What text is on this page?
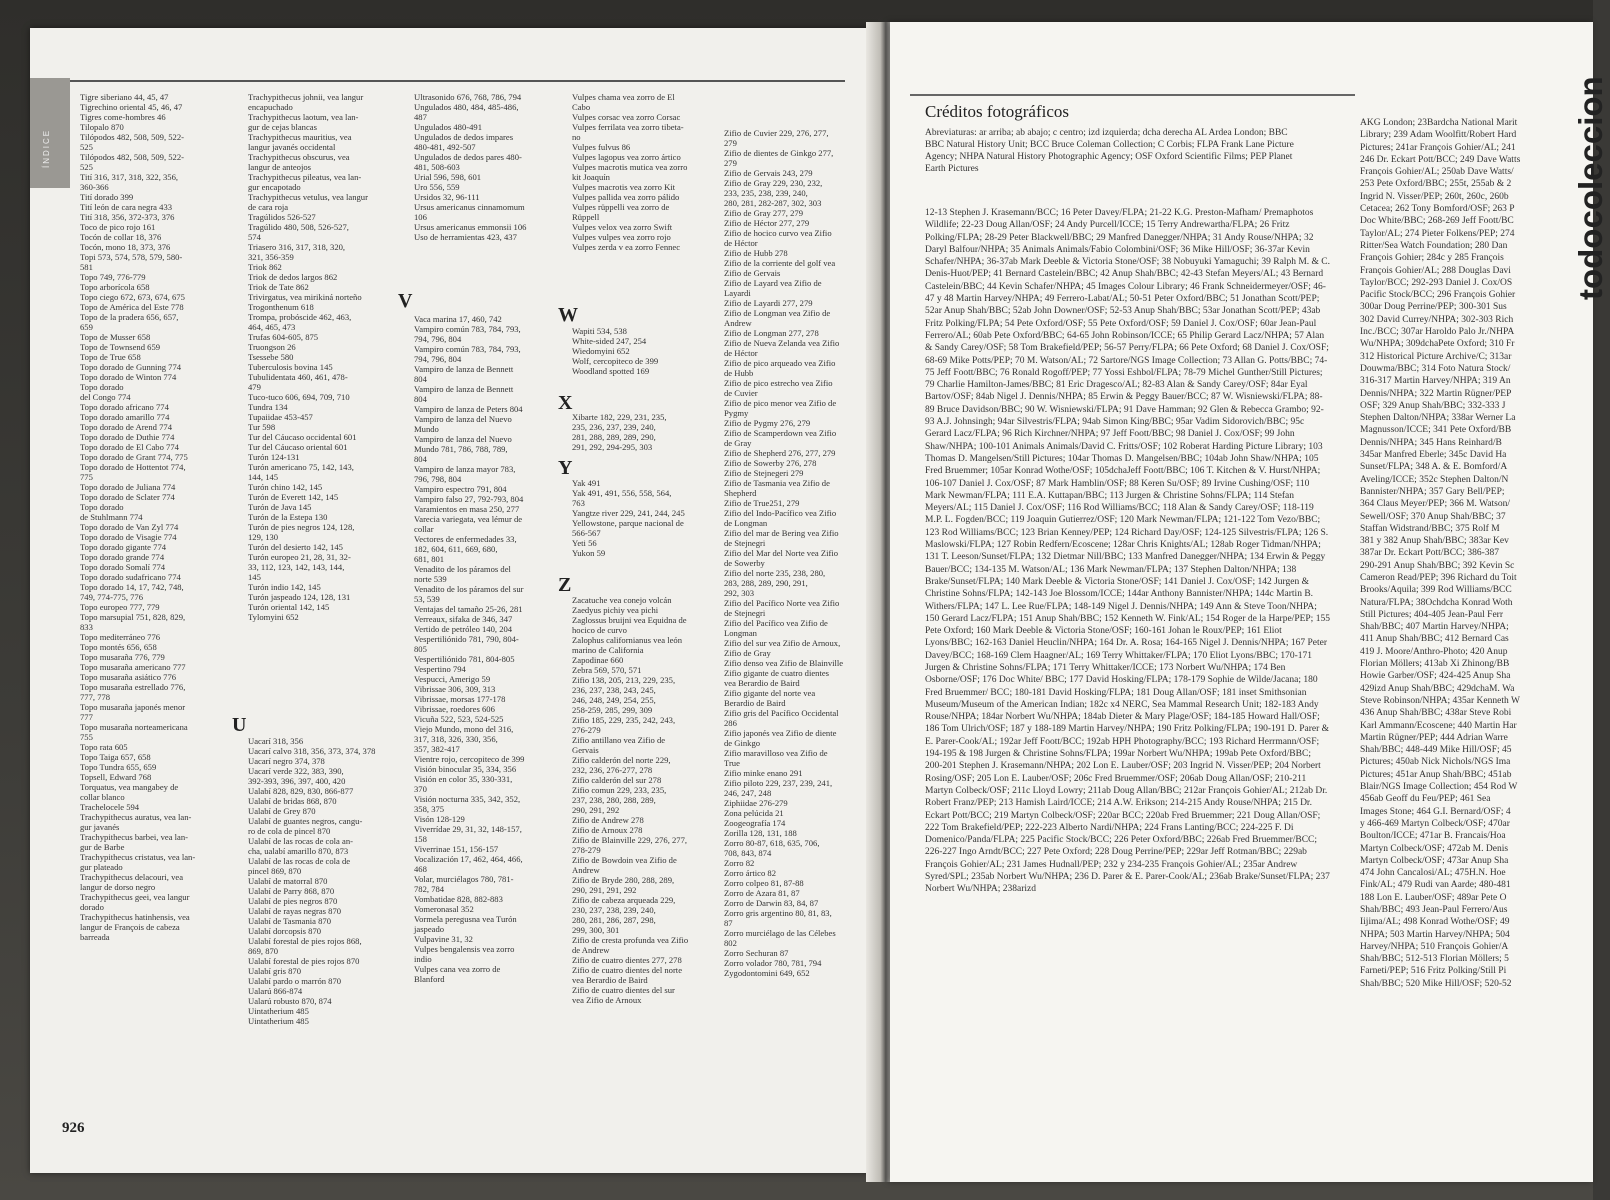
ÍNDICE
Tigre siberiano 44, 45, 47
Tigrechino oriental 45, 46, 47
Tigres come-hombres 46
Tilopalo 870
Tilópodos 482, 508, 509, 522-
525
Tilópodos 482, 508, 509, 522-
525
Tití 316, 317, 318, 322, 356,
360-366
Tití dorado 399
Tití león de cara negra 433
Tití 318, 356, 372-373, 376
Toco de pico rojo 161
Tocón de collar 18, 376
Tocón, mono 18, 373, 376
Topi 573, 574, 578, 579, 580-
581
Topo 749, 776-779
Topo arborícola 658
Topo ciego 672, 673, 674, 675
Topo de América del Este 778
Topo de la pradera 656, 657,
659
Topo de Musser 658
Topo de Townsend 659
Topo de True 658
Topo dorado de Gunning 774
Topo dorado de Winton 774
Topo dorado
del Congo 774
Topo dorado africano 774
Topo dorado amarillo 774
Topo dorado de Arend 774
Topo dorado de Duthie 774
Topo dorado de El Cabo 774
Topo dorado de Grant 774, 775
Topo dorado de Hottentot 774,
775
Topo dorado de Juliana 774
Topo dorado de Sclater 774
Topo dorado
de Stuhlmann 774
Topo dorado de Van Zyl 774
Topo dorado de Visagie 774
Topo dorado gigante 774
Topo dorado grande 774
Topo dorado Somalí 774
Topo dorado sudafricano 774
Topo dorado 14, 17, 742, 748,
749, 774-775, 776
Topo europeo 777, 779
Topo marsupial 751, 828, 829,
833
Topo mediterráneo 776
Topo montés 656, 658
Topo musaraña 776, 779
Topo musaraña americano 777
Topo musaraña asiático 776
Topo musaraña estrellado 776,
777, 778
Topo musaraña japonés menor
777
Topo musaraña norteamericana
755
Topo rata 605
Topo Taiga 657, 658
Topo Tundra 655, 659
Topsell, Edward 768
Torquatus, vea mangabey de
collar blanco
Trachelocele 594
Trachypithecus auratus, vea lan-
gur javanés
Trachypithecus barbei, vea lan-
gur de Barbe
Trachypithecus cristatus, vea lan-
gur plateado
Trachypithecus delacouri, vea
langur de dorso negro
Trachypithecus geei, vea langur
dorado
Trachypithecus hatinhensis, vea
langur de François de cabeza
barreada
Trachypithecus johnii, vea langur
encapuchado
Trachypithecus laotum, vea lan-
gur de cejas blancas
Trachypithecus mauritius, vea
langur javanés occidental
Trachypithecus obscurus, vea
langur de anteojos
Trachypithecus pileatus, vea lan-
gur encapotado
Trachypithecus vetulus, vea langur
de cara roja
Tragúlidos 526-527
Tragúlido 480, 508, 526-527,
574
Triasero 316, 317, 318, 320,
321, 356-359
Triok 862
Triok de dedos largos 862
Triok de Tate 862
Trivirgatus, vea mirikiná norteño
Trogonthenum 618
Trompa, probóscide 462, 463,
464, 465, 473
Trufas 604-605, 875
Truongson 26
Tsessebe 580
Tuberculosis bovina 145
Tubulidentata 460, 461, 478-
479
Tuco-tuco 606, 694, 709, 710
Tundra 134
Tupaiidae 453-457
Tur 598
Tur del Cáucaso occidental 601
Tur del Cáucaso oriental 601
Turón 124-131
Turón americano 75, 142, 143,
144, 145
Turón chino 142, 145
Turón de Everett 142, 145
Turón de Java 145
Turón de la Estepa 130
Turón de pies negros 124, 128,
129, 130
Turón del desierto 142, 145
Turón europeo 21, 28, 31, 32-
33, 112, 123, 142, 143, 144,
145
Turón indio 142, 145
Turón jaspeado 124, 128, 131
Turón oriental 142, 145
Tylomyini 652
U
Uacarí 318, 356
Uacarí calvo 318, 356, 373, 374, 378
Uacarí negro 374, 378
Uacarí verde 322, 383, 390,
392-393, 396, 397, 400, 420
Ualabí 828, 829, 830, 866-877
Ualabí de bridas 868, 870
Ualabí de Grey 870
Ualabí de guantes negros, cangu-
ro de cola de pincel 870
Ualabí de las rocas de cola an-
cha, ualabí amarillo 870, 873
Ualabí de las rocas de cola de
pincel 869, 870
Ualabí de matorral 870
Ualabí de Parry 868, 870
Ualabí de pies negros 870
Ualabí de rayas negras 870
Ualabí de Tasmania 870
Ualabí dorcopsis 870
Ualabí forestal de pies rojos 868,
869, 870
Ualabí forestal de pies rojos 870
Ualabí gris 870
Ualabí pardo o marrón 870
Ualarú 866-874
Ualarú robusto 870, 874
Uintatherium 485
Uintatherium 485
Ultrasonido 676, 768, 786, 794
Ungulados 480, 484, 485-486,
487
Ungulados 480-491
Ungulados de dedos impares
480-481, 492-507
Ungulados de dedos pares 480-
481, 508-603
Urial 596, 598, 601
Uro 556, 559
Ursidos 32, 96-111
Ursus americanus cinnamomum
106
Ursus americanus emmonsii 106
Uso de herramientas 423, 437
V
Vaca marina 17, 460, 742
Vampiro común 783, 784, 793,
794, 796, 804
Vampiro común 783, 784, 793,
794, 796, 804
Vampiro de lanza de Bennett
804
Vampiro de lanza de Bennett
804
Vampiro de lanza de Peters 804
Vampiro de lanza del Nuevo
Mundo
Vampiro de lanza del Nuevo
Mundo 781, 786, 788, 789,
804
Vampiro de lanza mayor 783,
796, 798, 804
Vampiro espectro 791, 804
Vampiro falso 27, 792-793, 804
Varamientos en masa 250, 277
Varecia variegata, vea lémur de
collar
Vectores de enfermedades 33,
182, 604, 611, 669, 680,
681, 801
Venadito de los páramos del
norte 539
Venadito de los páramos del sur
53, 539
Ventajas del tamaño 25-26, 281
Verreaux, sifaka de 346, 347
Vertido de petróleo 140, 204
Vespertiliónido 781, 790, 804-
805
Vespertiliónido 781, 804-805
Vespertino 794
Vespucci, Amerigo 59
Vibrissae 306, 309, 313
Vibrissae, morsas 177-178
Vibrissae, roedores 606
Vicuña 522, 523, 524-525
Viejo Mundo, mono del 316,
317, 318, 326, 330, 356,
357, 382-417
Vientre rojo, cercopiteco de 399
Visión binocular 35, 334, 356
Visión en color 35, 330-331,
370
Visión nocturna 335, 342, 352,
358, 375
Visón 128-129
Viverrídae 29, 31, 32, 148-157,
158
Viverrinae 151, 156-157
Vocalización 17, 462, 464, 466,
468
Volar, murciélagos 780, 781-
782, 784
Vombatidae 828, 882-883
Vomeronasal 352
Vormela peregusna vea Turón
jaspeado
Vulpavine 31, 32
Vulpes bengalensis vea zorro
indio
Vulpes cana vea zorro de
Blanford
Vulpes chama vea zorro de El
Cabo
Vulpes corsac vea zorro Corsac
Vulpes ferrilata vea zorro tibeta-
no
Vulpes fulvus 86
Vulpes lagopus vea zorro ártico
Vulpes macrotis mutica vea zorro
kit Joaquín
Vulpes macrotis vea zorro Kit
Vulpes pallida vea zorro pálido
Vulpes rüppelli vea zorro de
Rüppell
Vulpes velox vea zorro Swift
Vulpes vulpes vea zorro rojo
Vulpes zerda v ea zorro Fennec
W
Wapiti 534, 538
White-sided 247, 254
Wiedomyini 652
Wolf, cercopiteco de 399
Woodland spotted 169
X
Xibarte 182, 229, 231, 235,
235, 236, 237, 239, 240,
281, 288, 289, 289, 290,
291, 292, 294-295, 303
Y
Yak 491
Yak 491, 491, 556, 558, 564,
763
Yangtze river 229, 241, 244, 245
Yellowstone, parque nacional de
566-567
Yeti 56
Yukon 59
Z
Zacatuche vea conejo volcán
Zaedyus pichiy vea pichi
Zaglossus bruijni vea Equidna de
hocico de curvo
Zalophus californianus vea león
marino de California
Zapodinae 660
Zebra 569, 570, 571
Zifio 138, 205, 213, 229, 235,
236, 237, 238, 243, 245,
246, 248, 249, 254, 255,
258-259, 285, 299, 309
Zifio 185, 229, 235, 242, 243,
276-279
Zifio antillano vea Zifio de
Gervais
Zifio calderón del norte 229,
232, 236, 276-277, 278
Zifio calderón del sur 278
Zifio comun 229, 233, 235,
237, 238, 280, 288, 289,
290, 291, 292
Zifio de Andrew 278
Zifio de Arnoux 278
Zifio de Blainville 229, 276, 277,
278-279
Zifio de Bowdoin vea Zifio de
Andrew
Zifio de Bryde 280, 288, 289,
290, 291, 291, 292
Zifio de cabeza arqueada 229,
230, 237, 238, 239, 240,
280, 281, 286, 287, 298,
299, 300, 301
Zifio de cresta profunda vea Zifio
de Andrew
Zifio de cuatro dientes 277, 278
Zifio de cuatro dientes del norte
vea Berardio de Baird
Zifio de cuatro dientes del sur
vea Zifio de Arnoux
Zifio de Cuvier 229, 276, 277,
279
Zifio de dientes de Ginkgo 277,
279
Zifio de Gervais 243, 279
Zifio de Gray 229, 230, 232,
233, 235, 238, 239, 240,
280, 281, 282-287, 302, 303
Zifio de Gray 277, 279
Zifio de Héctor 277, 279
Zifio de hocico curvo vea Zifio
de Héctor
Zifio de Hubb 278
Zifio de la corriente del golf vea
Zifio de Gervais
Zifio de Layard vea Zifio de
Layardi
Zifio de Layardi 277, 279
Zifio de Longman vea Zifio de
Andrew
Zifio de Longman 277, 278
Zifio de Nueva Zelanda vea Zifio
de Héctor
Zifio de pico arqueado vea Zifio
de Hubb
Zifio de pico estrecho vea Zifio
de Cuvier
Zifio de pico menor vea Zifio de
Pygmy
Zifio de Pygmy 276, 279
Zifio de Scamperdown vea Zifio
de Gray
Zifio de Shepherd 276, 277, 279
Zifio de Sowerby 276, 278
Zifio de Stejnegeri 279
Zifio de Tasmania vea Zifio de
Shepherd
Zifio de True251, 279
Zifio del Indo-Pacífico vea Zifio
de Longman
Zifio del mar de Bering vea Zifio
de Stejnegri
Zifio del Mar del Norte vea Zifio
de Sowerby
Zifio del norte 235, 238, 280,
283, 288, 289, 290, 291,
292, 303
Zifio del Pacífico Norte vea Zifio
de Stejnegri
Zifio del Pacífico vea Zifio de
Longman
Zifio del sur vea Zifio de Arnoux,
Zifio de Gray
Zifio denso vea Zifio de Blainville
Zifio gigante de cuatro dientes
vea Berardio de Baird
Zifio gigante del norte vea
Berardio de Baird
Zifio gris del Pacífico Occidental
286
Zifio japonés vea Zifio de diente
de Ginkgo
Zifio maravilloso vea Zifio de
True
Zifio minke enano 291
Zifio piloto 229, 237, 239, 241,
246, 247, 248
Ziphiidae 276-279
Zona pelúcida 21
Zoogeografía 174
Zorilla 128, 131, 188
Zorro 80-87, 618, 635, 706,
708, 843, 874
Zorro 82
Zorro ártico 82
Zorro colpeo 81, 87-88
Zorro de Azara 81, 87
Zorro de Darwin 83, 84, 87
Zorro gris argentino 80, 81, 83,
87
Zorro murciélago de las Célebes
802
Zorro Sechuran 87
Zorro volador 780, 781, 794
Zygodontomini 649, 652
926
Créditos fotográficos
Abreviaturas: ar arriba; ab abajo; c centro; izd izquierda; dcha derecha AL Ardea London; BBC BBC Natural History Unit; BCC Bruce Coleman Collection; C Corbis; FLPA Frank Lane Picture Agency; NHPA Natural History Photographic Agency; OSF Oxford Scientific Films; PEP Planet Earth Pictures
12-13 Stephen J. Krasemann/BCC; 16 Peter Davey/FLPA; 21-22 K.G. Preston-Mafham/ Premaphotos Wildlife; 22-23 Doug Allan/OSF; 24 Andy Purcell/ICCE; 15 Terry Andrewartha/FLPA; 26 Fritz Polking/FLPA; 28-29 Peter Blackwell/BBC; 29 Manfred Danegger/NHPA; 31 Andy Rouse/NHPA; 32 Daryl Balfour/NHPA; 35 Animals Animals/Fabio Colombini/OSF; 36 Mike Hill/OSF; 36-37ar Kevin Schafer/NHPA; 36-37ab Mark Deeble & Victoria Stone/OSF; 38 Nobuyuki Yamaguchi; 39 Ralph M. & C. Denis-Huot/PEP; 41 Bernard Castelein/BBC; 42 Anup Shah/BBC; 42-43 Stefan Meyers/AL; 43 Bernard Castelein/BBC; 44 Kevin Schafer/NHPA; 45 Images Colour Library; 46 Frank Schneidermeyer/OSF; 46-47 y 48 Martin Harvey/NHPA; 49 Ferrero-Labat/AL; 50-51 Peter Oxford/BBC; 51 Jonathan Scott/PEP; 52ar Anup Shah/BBC; 52ab John Downer/OSF; 52-53 Anup Shah/BBC; 53ar Jonathan Scott/PEP; 43ab Fritz Polking/FLPA; 54 Pete Oxford/OSF; 55 Pete Oxford/OSF; 59 Daniel J. Cox/OSF; 60ar Jean-Paul Ferrero/AL; 60ab Pete Oxford/BBC; 64-65 John Robinson/ICCE; 65 Philip Gerard Lacz/NHPA; 57 Alan & Sandy Carey/OSF; 58 Tom Brakefield/PEP; 56-57 Perry/FLPA; 66 Pete Oxford; 68 Daniel J. Cox/OSF; 68-69 Mike Potts/PEP; 70 M. Watson/AL; 72 Sartore/NGS Image Collection; 73 Allan G. Potts/BBC; 74-75 Jeff Foott/BBC; 76 Ronald Rogoff/PEP; 77 Yossi Eshbol/FLPA; 78-79 Michel Gunther/Still Pictures; 79 Charlie Hamilton-James/BBC; 81 Eric Dragesco/AL; 82-83 Alan & Sandy Carey/OSF; 84ar Eyal Bartov/OSF; 84ab Nigel J. Dennis/NHPA; 85 Erwin & Peggy Bauer/BCC; 87 W. Wisniewski/FLPA; 88-89 Bruce Davidson/BBC; 90 W. Wisniewski/FLPA; 91 Dave Hamman; 92 Glen & Rebecca Grambo; 92-93 A.J. Johnsingh; 94ar Silvestris/FLPA; 94ab Simon King/BBC; 95ar Vadim Sidorovich/BBC; 95c Gerard Lacz/FLPA; 96 Rich Kirchner/NHPA; 97 Jeff Foott/BBC; 98 Daniel J. Cox/OSF; 99 John Shaw/NHPA; 100-101 Animals Animals/David C. Fritts/OSF; 102 Roberat Harding Picture Library; 103 Thomas D. Mangelsen/Still Pictures; 104ar Thomas D. Mangelsen/BBC; 104ab John Shaw/NHPA; 105 Fred Bruemmer; 105ar Konrad Wothe/OSF; 105dchaJeff Foott/BBC; 106 T. Kitchen & V. Hurst/NHPA; 106-107 Daniel J. Cox/OSF; 87 Mark Hamblin/OSF; 88 Keren Su/OSF; 89 Irvine Cushing/OSF; 110 Mark Newman/FLPA; 111 E.A. Kuttapan/BBC; 113 Jurgen & Christine Sohns/FLPA; 114 Stefan Meyers/AL; 115 Daniel J. Cox/OSF; 116 Rod Williams/BCC; 118 Alan & Sandy Carey/OSF; 118-119 M.P. L. Fogden/BCC; 119 Joaquin Gutierrez/OSF; 120 Mark Newman/FLPA; 121-122 Tom Vezo/BBC; 123 Rod Williams/BCC; 123 Brian Kenney/PEP; 124 Richard Day/OSF; 124-125 Silvestris/FLPA; 126 S. Maslowski/FLPA; 127 Robin Redfern/Ecoscene; 128ar Chris Knights/AL; 128ab Roger Tidman/NHPA; 131 T. Leeson/Sunset/FLPA; 132 Dietmar Nill/BBC; 133 Manfred Danegger/NHPA; 134 Erwin & Peggy Bauer/BCC; 134-135 M. Watson/AL; 136 Mark Newman/FLPA; 137 Stephen Dalton/NHPA; 138 Brake/Sunset/FLPA; 140 Mark Deeble & Victoria Stone/OSF; 141 Daniel J. Cox/OSF; 142 Jurgen & Christine Sohns/FLPA; 142-143 Joe Blossom/ICCE; 144ar Anthony Bannister/NHPA; 144c Martin B. Withers/FLPA; 147 L. Lee Rue/FLPA; 148-149 Nigel J. Dennis/NHPA; 149 Ann & Steve Toon/NHPA; 150 Gerard Lacz/FLPA; 151 Anup Shah/BBC; 152 Kenneth W. Fink/AL; 154 Roger de la Harpe/PEP; 155 Pete Oxford; 160 Mark Deeble & Victoria Stone/OSF; 160-161 Johan le Roux/PEP; 161 Eliot Lyons/BBC; 162-163 Daniel Heuclin/NHPA; 164 Dr. A. Rosa; 164-165 Nigel J. Dennis/NHPA; 167 Peter Davey/BCC; 168-169 Clem Haagner/AL; 169 Terry Whittaker/FLPA; 170 Eliot Lyons/BBC; 170-171 Jurgen & Christine Sohns/FLPA; 171 Terry Whittaker/ICCE; 173 Norbert Wu/NHPA; 174 Ben Osborne/OSF; 176 Doc White/ BBC; 177 David Hosking/FLPA; 178-179 Sophie de Wilde/Jacana; 180 Fred Bruemmer/ BCC; 180-181 David Hosking/FLPA; 181 Doug Allan/OSF; 181 inset Smithsonian Museum/Museum of the American Indian; 182c x4 NERC, Sea Mammal Research Unit; 182-183 Andy Rouse/NHPA; 184ar Norbert Wu/NHPA; 184ab Dieter & Mary Plage/OSF; 184-185 Howard Hall/OSF; 186 Tom Ulrich/OSF; 187 y 188-189 Martin Harvey/NHPA; 190 Fritz Polking/FLPA; 190-191 D. Parer & E. Parer-Cook/AL; 192ar Jeff Foott/BCC; 192ab HPH Photography/BCC; 193 Richard Herrmann/OSF; 194-195 & 198 Jurgen & Christine Sohns/FLPA; 199ar Norbert Wu/NHPA; 199ab Pete Oxford/BBC; 200-201 Stephen J. Krasemann/NHPA; 202 Lon E. Lauber/OSF; 203 Ingrid N. Visser/PEP; 204 Norbert Rosing/OSF; 205 Lon E. Lauber/OSF; 206c Fred Bruemmer/OSF; 206ab Doug Allan/OSF; 210-211 Martyn Colbeck/OSF; 211c Lloyd Lowry; 211ab Doug Allan/BBC; 212ar François Gohier/AL; 212ab Dr. Robert Franz/PEP; 213 Hamish Laird/ICCE; 214 A.W. Erikson; 214-215 Andy Rouse/NHPA; 215 Dr. Eckart Pott/BCC; 219 Martyn Colbeck/OSF; 220ar BCC; 220ab Fred Bruemmer; 221 Doug Allan/OSF; 222 Tom Brakefield/PEP; 222-223 Alberto Nardi/NHPA; 224 Frans Lanting/BCC; 224-225 F. Di Domenico/Panda/FLPA; 225 Pacific Stock/BCC; 226 Peter Oxford/BBC; 226ab Fred Bruemmer/BCC; 226-227 Ingo Arndt/BCC; 227 Pete Oxford; 228 Doug Perrine/PEP; 229ar Jeff Rotman/BBC; 229ab François Gohier/AL; 231 James Hudnall/PEP; 232 y 234-235 François Gohier/AL; 235ar Andrew Syred/SPL; 235ab Norbert Wu/NHPA; 236 D. Parer & E. Parer-Cook/AL; 236ab Brake/Sunset/FLPA; 237 Norbert Wu/NHPA; 238arizd
AKG London; 23Bardcha National Marit
Library; 239 Adam Woolfitt/Robert Hard
Pictures; 241ar François Gohier/AL; 241
246 Dr. Eckart Pott/BCC; 249 Dave Watts
François Gohier/AL; 250ab Dave Watts/
253 Pete Oxford/BBC; 255t, 255ab & 2
Ingrid N. Visser/PEP; 260t, 260c, 260b
Cetacea; 262 Tony Bomford/OSF; 263 P
Doc White/BBC; 268-269 Jeff Foott/BC
Taylor/AL; 274 Pieter Folkens/PEP; 274
Ritter/Sea Watch Foundation; 280 Dan
François Gohier; 284c y 285 François
François Gohier/AL; 288 Douglas Davi
Taylor/BCC; 292-293 Daniel J. Cox/OS
Pacific Stock/BCC; 296 François Gohier
300ar Doug Perrine/PEP; 300-301 Sus
302 David Currey/NHPA; 302-303 Rich
Inc./BCC; 307ar Haroldo Palo Jr./NHPA
Wu/NHPA; 309dchaPete Oxford; 310 Fr
312 Historical Picture Archive/C; 313ar
Douwma/BBC; 314 Foto Natura Stock/
316-317 Martin Harvey/NHPA; 319 An
Dennis/NHPA; 322 Martin Rügner/PEP
OSF; 329 Anup Shah/BBC; 332-333 J
Stephen Dalton/NHPA; 338ar Werner La
Magnusson/ICCE; 341 Pete Oxford/BB
Dennis/NHPA; 345 Hans Reinhard/B
345ar Manfred Eberle; 345c David Ha
Sunset/FLPA; 348 A. & E. Bomford/A
Aveling/ICCE; 352c Stephen Dalton/N
Bannister/NHPA; 357 Gary Bell/PEP;
364 Claus Meyer/PEP; 366 M. Watson/
Sewell/OSF; 370 Anup Shah/BBC; 37
Staffan Widstrand/BBC; 375 Rolf M
381 y 382 Anup Shah/BBC; 383ar Kev
387ar Dr. Eckart Pott/BCC; 386-387
290-291 Anup Shah/BBC; 392 Kevin Sc
Cameron Read/PEP; 396 Richard du Toit
Brooks/Aquila; 399 Rod Williams/BCC
Natura/FLPA; 38Ochdcha Konrad Woth
Still Pictures; 404-405 Jean-Paul Ferr
Shah/BBC; 407 Martin Harvey/NHPA;
411 Anup Shah/BBC; 412 Bernard Cas
419 J. Moore/Anthro-Photo; 420 Anup
Florian Möllers; 413ab Xi Zhinong/BB
Howie Garber/OSF; 424-425 Anup Sha
429izd Anup Shah/BBC; 429dchaM. Wa
Steve Robinson/NHPA; 435ar Kenneth W
436 Anup Shah/BBC; 438ar Steve Robi
Karl Ammann/Ecoscene; 440 Martin Har
Martin Rügner/PEP; 444 Adrian Warre
Shah/BBC; 448-449 Mike Hill/OSF; 45
Pictures; 450ab Nick Nichols/NGS Ima
Pictures; 451ar Anup Shah/BBC; 451ab
Blair/NGS Image Collection; 454 Rod W
456ab Geoff du Feu/PEP; 461 Sea
Images Stone; 464 G.I. Bernard/OSF; 4
y 466-469 Martyn Colbeck/OSF; 470ar
Boulton/ICCE; 471ar B. Francais/Hoa
Martyn Colbeck/OSF; 472ab M. Denis
Martyn Colbeck/OSF; 473ar Anup Sha
474 John Cancalosi/AL; 475H.N. Hoe
Fink/AL; 479 Rudi van Aarde; 480-481
188 Lon E. Lauber/OSF; 489ar Pete O
Shah/BBC; 493 Jean-Paul Ferrero/Aus
Iijima/AL; 498 Konrad Wothe/OSF; 49
NHPA; 503 Martin Harvey/NHPA; 504
Harvey/NHPA; 510 François Gohier/A
Shah/BBC; 512-513 Florian Möllers; 5
Farneti/PEP; 516 Fritz Polking/Still Pi
Shah/BBC; 520 Mike Hill/OSF; 520-52
todocoleccion
